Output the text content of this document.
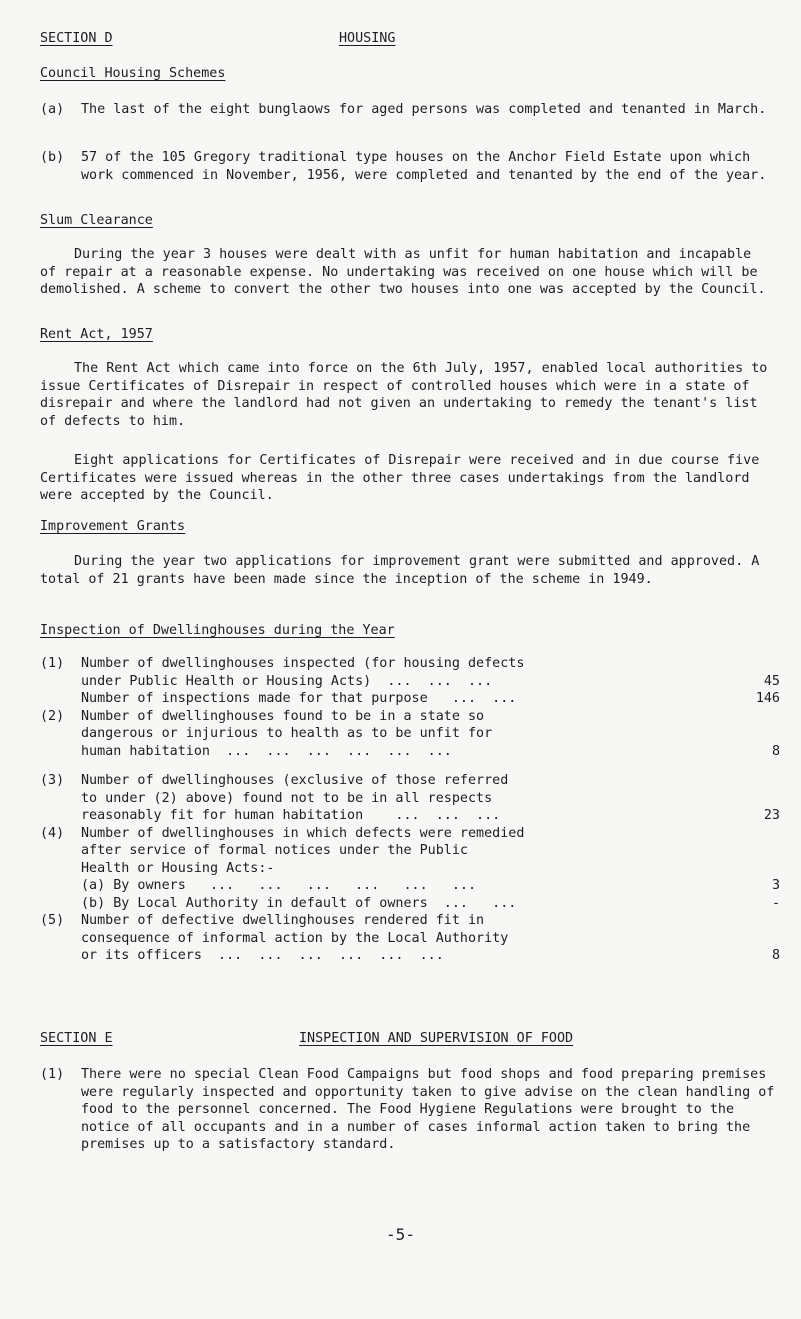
SECTION D	HOUSING
Council Housing Schemes
(a) The last of the eight bunglaows for aged persons was completed and tenanted in March.
(b) 57 of the 105 Gregory traditional type houses on the Anchor Field Estate upon which work commenced in November, 1956, were completed and tenanted by the end of the year.
Slum Clearance

During the year 3 houses were dealt with as unfit for human habitation and incapable of repair at a reasonable expense. No undertaking was received on one house which will be demolished. A scheme to convert the other two houses into one was accepted by the Council.

Rent Act, 1957

The Rent Act which came into force on the 6th July, 1957, enabled local authorities to issue Certificates of Disrepair in respect of controlled houses which were in a state of disrepair and where the landlord had not given an undertaking to remedy the tenant's list of defects to him.

Eight applications for Certificates of Disrepair were received and in due course five Certificates were issued whereas in the other three cases undertakings from the landlord were accepted by the Council.

Improvement Grants

During the year two applications for improvement grant were submitted and approved. A total of 21 grants have been made since the inception of the scheme in 1949.

Inspection of Dwellinghouses during the Year
(1) Number of dwellinghouses inspected (for housing defects
under Public Health or Housing Acts)  ...  ...  ...	45
Number of inspections made for that purpose   ...  ...	146
(2) Number of dwellinghouses found to be in a state so
dangerous or injurious to health as to be unfit for
human habitation  ...  ...  ...  ...  ...  ...	8
(3) Number of dwellinghouses (exclusive of those referred
to under (2) above) found not to be in all respects
reasonably fit for human habitation    ...  ...  ...	23
(4) Number of dwellinghouses in which defects were remedied
after service of formal notices under the Public
Health or Housing Acts:-
(a) By owners   ...   ...   ...   ...   ...   ...	3
(b) By Local Authority in default of owners  ...   ...	-
(5) Number of defective dwellinghouses rendered fit in
consequence of informal action by the Local Authority
or its officers  ...  ...  ...  ...  ...  ...	8
SECTION E	INSPECTION AND SUPERVISION OF FOOD
(1) There were no special Clean Food Campaigns but food shops and food preparing premises were regularly inspected and opportunity taken to give advise on the clean handling of food to the personnel concerned. The Food Hygiene Regulations were brought to the notice of all occupants and in a number of cases informal action taken to bring the premises up to a satisfactory standard.
-5-
